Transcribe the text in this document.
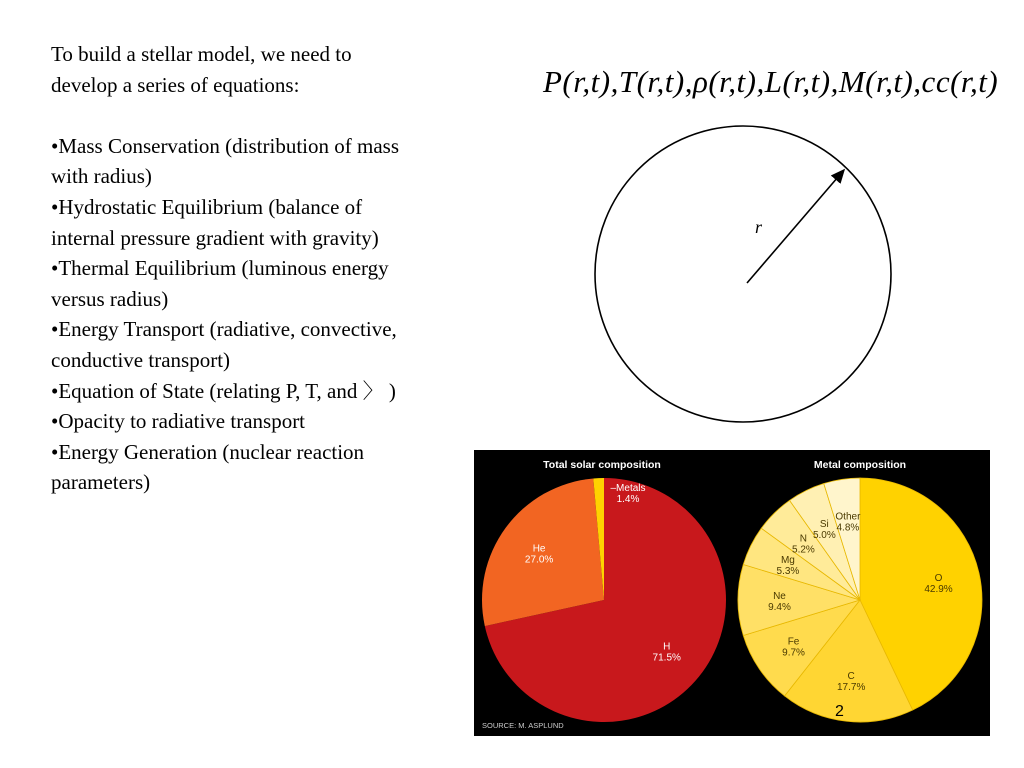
To build a stellar model, we need to

develop a series of equations:

•Mass Conservation (distribution of mass

with radius)

•Hydrostatic Equilibrium (balance of

internal pressure gradient with gravity)

•Thermal Equilibrium (luminous energy

versus radius)

•Energy Transport (radiative, convective,

conductive transport)

•Equation of State (relating P, T, and 〉 )

•Opacity to radiative transport

•Energy Generation (nuclear reaction

parameters)

P(r,t),T(r,t),ρ(r,t),L(r,t),M(r,t),cc(r,t)
r
Total solar composition	Metal composition
H
71.5%
He
27.0%
–Metals
1.4%
O
42.9%
C
17.7%
Fe
9.7%
Ne
9.4%
Mg
5.3%
N
5.2%
Si
5.0%
Other
4.8%
SOURCE: M. ASPLUND
2
